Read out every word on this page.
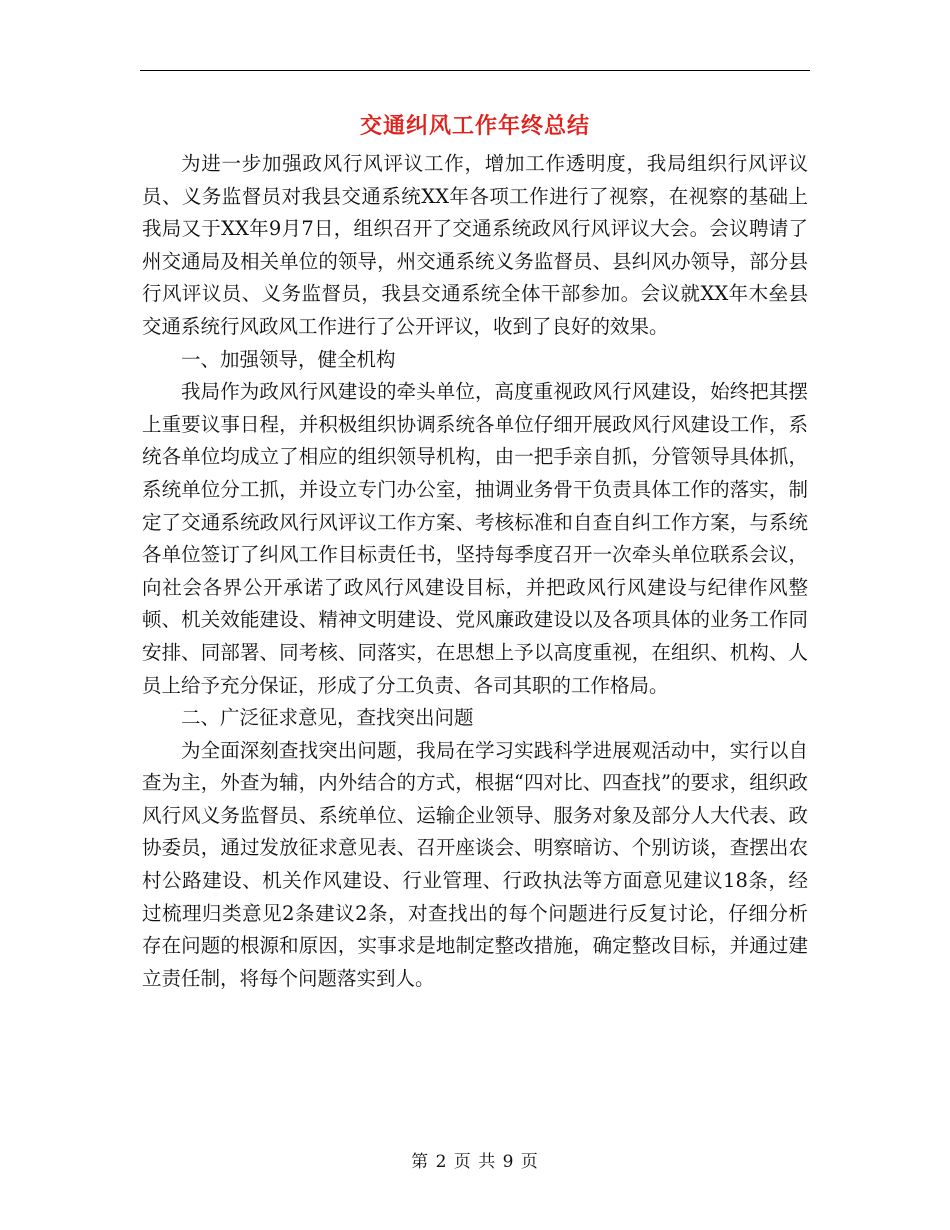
交通纠风工作年终总结

为进一步加强政风行风评议工作，增加工作透明度，我局组织行风评议员、义务监督员对我县交通系统XX年各项工作进行了视察，在视察的基础上我局又于XX年9月7日，组织召开了交通系统政风行风评议大会。会议聘请了州交通局及相关单位的领导，州交通系统义务监督员、县纠风办领导，部分县行风评议员、义务监督员，我县交通系统全体干部参加。会议就XX年木垒县交通系统行风政风工作进行了公开评议，收到了良好的效果。

一、加强领导，健全机构

我局作为政风行风建设的牵头单位，高度重视政风行风建设，始终把其摆上重要议事日程，并积极组织协调系统各单位仔细开展政风行风建设工作，系统各单位均成立了相应的组织领导机构，由一把手亲自抓，分管领导具体抓，系统单位分工抓，并设立专门办公室，抽调业务骨干负责具体工作的落实，制定了交通系统政风行风评议工作方案、考核标准和自查自纠工作方案，与系统各单位签订了纠风工作目标责任书，坚持每季度召开一次牵头单位联系会议，向社会各界公开承诺了政风行风建设目标，并把政风行风建设与纪律作风整顿、机关效能建设、精神文明建设、党风廉政建设以及各项具体的业务工作同安排、同部署、同考核、同落实，在思想上予以高度重视，在组织、机构、人员上给予充分保证，形成了分工负责、各司其职的工作格局。

二、广泛征求意见，查找突出问题

为全面深刻查找突出问题，我局在学习实践科学进展观活动中，实行以自查为主，外查为辅，内外结合的方式，根据“四对比、四查找”的要求，组织政风行风义务监督员、系统单位、运输企业领导、服务对象及部分人大代表、政协委员，通过发放征求意见表、召开座谈会、明察暗访、个别访谈，查摆出农村公路建设、机关作风建设、行业管理、行政执法等方面意见建议18条，经过梳理归类意见2条建议2条，对查找出的每个问题进行反复讨论，仔细分析存在问题的根源和原因，实事求是地制定整改措施，确定整改目标，并通过建立责任制，将每个问题落实到人。

第 2 页 共 9 页
